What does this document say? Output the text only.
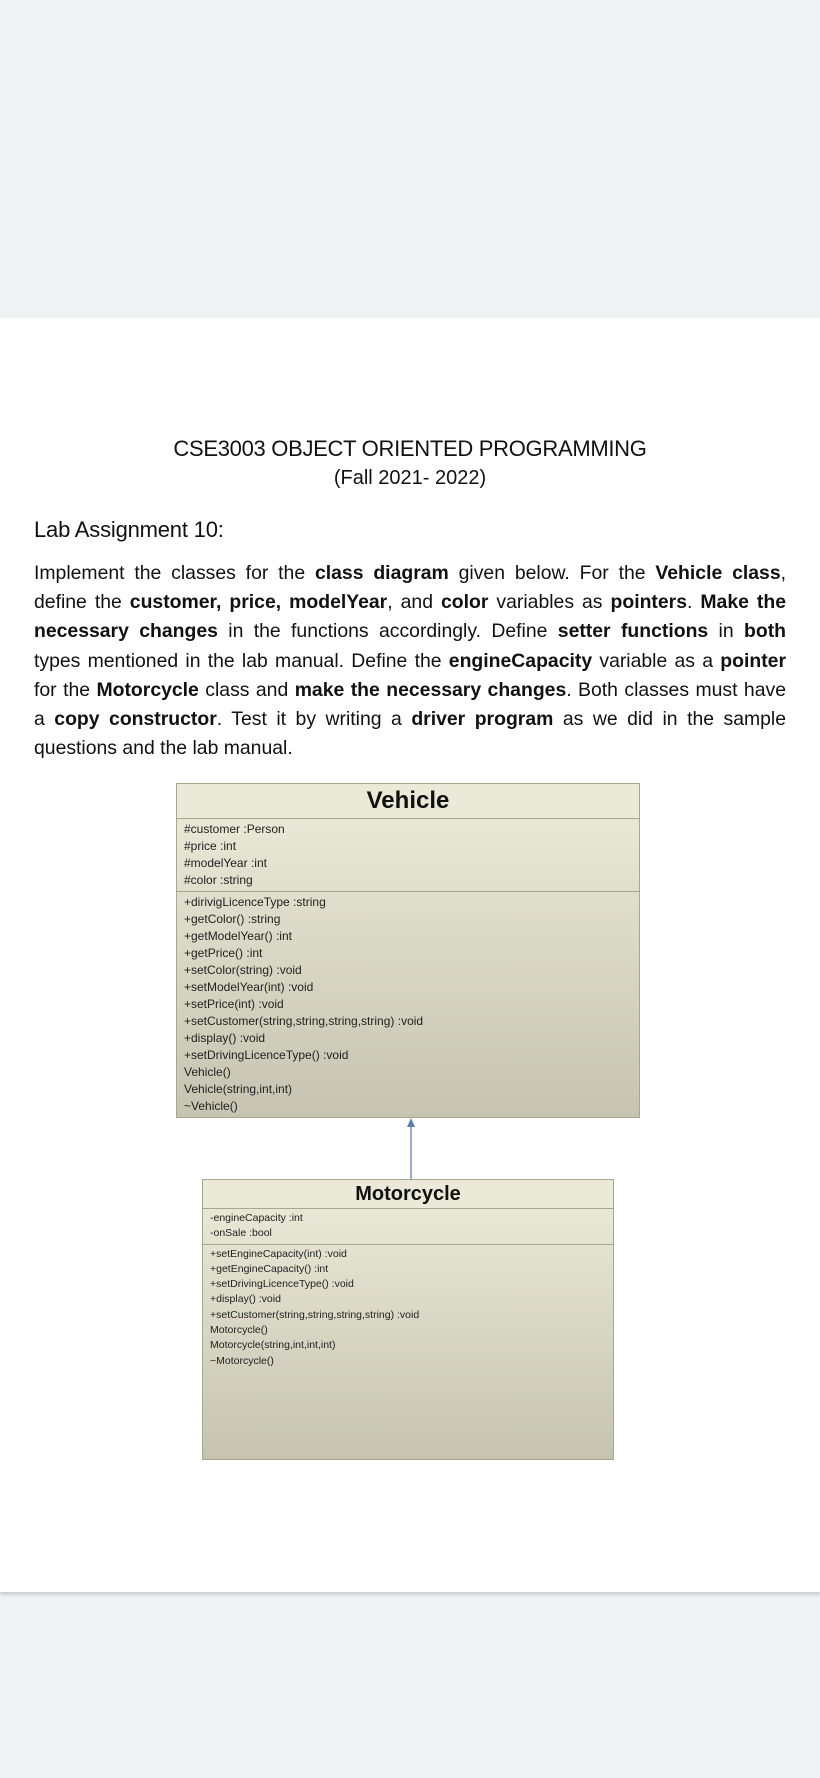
CSE3003 OBJECT ORIENTED PROGRAMMING
(Fall 2021- 2022)
Lab Assignment 10:

Implement the classes for the class diagram given below. For the Vehicle class, define the customer, price, modelYear, and color variables as pointers. Make the necessary changes in the functions accordingly. Define setter functions in both types mentioned in the lab manual. Define the engineCapacity variable as a pointer for the Motorcycle class and make the necessary changes. Both classes must have a copy constructor. Test it by writing a driver program as we did in the sample questions and the lab manual.

Vehicle
#customer :Person
#price :int
#modelYear :int
#color :string
+dirivigLicenceType :string
+getColor() :string
+getModelYear() :int
+getPrice() :int
+setColor(string) :void
+setModelYear(int) :void
+setPrice(int) :void
+setCustomer(string,string,string,string) :void
+display() :void
+setDrivingLicenceType() :void
Vehicle()
Vehicle(string,int,int)
~Vehicle()
Motorcycle
-engineCapacity :int
-onSale :bool
+setEngineCapacity(int) :void
+getEngineCapacity() :int
+setDrivingLicenceType() :void
+display() :void
+setCustomer(string,string,string,string) :void
Motorcycle()
Motorcycle(string,int,int,int)
~Motorcycle()
